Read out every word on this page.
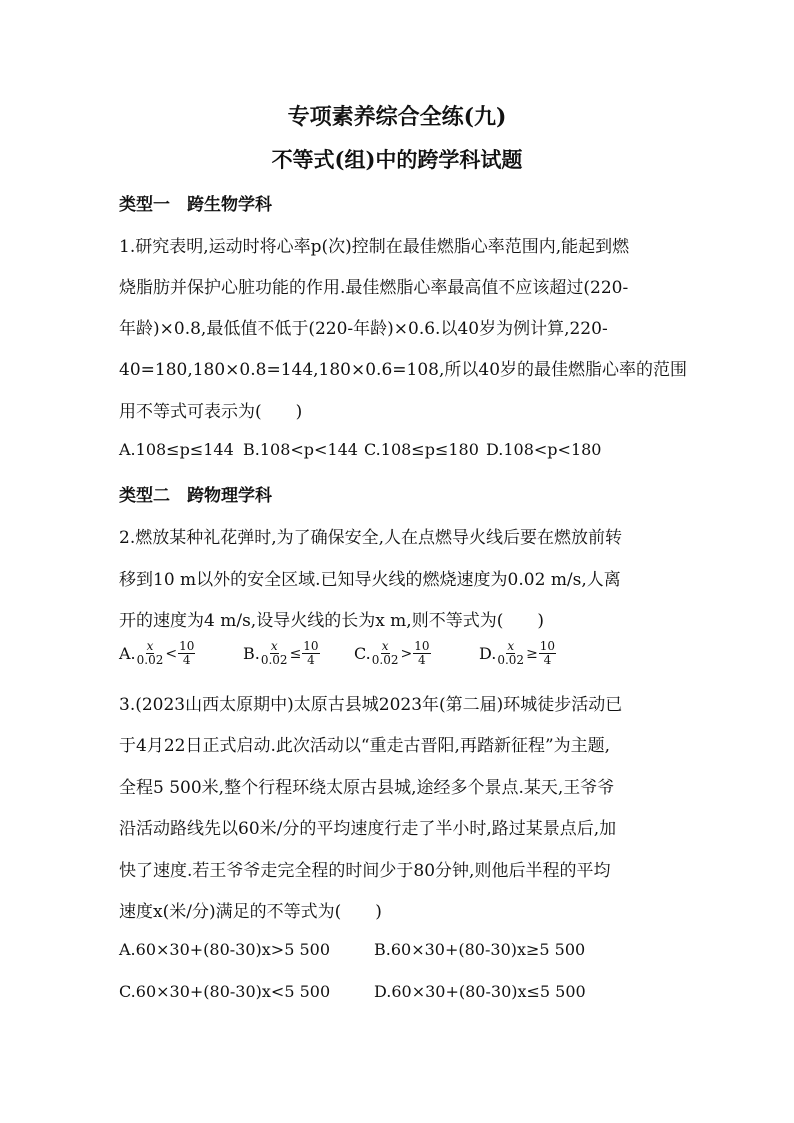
专项素养综合全练(九)
不等式(组)中的跨学科试题
类型一　跨生物学科
1.研究表明,运动时将心率p(次)控制在最佳燃脂心率范围内,能起到燃
烧脂肪并保护心脏功能的作用.最佳燃脂心率最高值不应该超过(220-
年龄)×0.8,最低值不低于(220-年龄)×0.6.以40岁为例计算,220-
40=180,180×0.8=144,180×0.6=108,所以40岁的最佳燃脂心率的范围
用不等式可表示为(　　)
A.108≤p≤144 B.108<p<144 C.108≤p≤180 D.108<p<180
类型二　跨物理学科
2.燃放某种礼花弹时,为了确保安全,人在点燃导火线后要在燃放前转
移到10 m以外的安全区域.已知导火线的燃烧速度为0.02 m/s,人离
开的速度为4 m/s,设导火线的长为x m,则不等式为(　　)
A. $\frac{x}{0.02} < \frac{10}{4}$	B. $\frac{x}{0.02} \le \frac{10}{4} C$. $\frac{x}{0.02} > \frac{10}{4}$	D. $\frac{x}{0.02} \ge \frac{10}{4}$
3.(2023山西太原期中)太原古县城2023年(第二届)环城徒步活动已
于4月22日正式启动.此次活动以“重走古晋阳,再踏新征程”为主题,
全程5 500米,整个行程环绕太原古县城,途经多个景点.某天,王爷爷
沿活动路线先以60米/分的平均速度行走了半小时,路过某景点后,加
快了速度.若王爷爷走完全程的时间少于80分钟,则他后半程的平均
速度x(米/分)满足的不等式为(　　)
A.60×30+(80-30)x>5 500	B.60×30+(80-30)x≥5 500
C.60×30+(80-30)x<5 500	D.60×30+(80-30)x≤5 500
